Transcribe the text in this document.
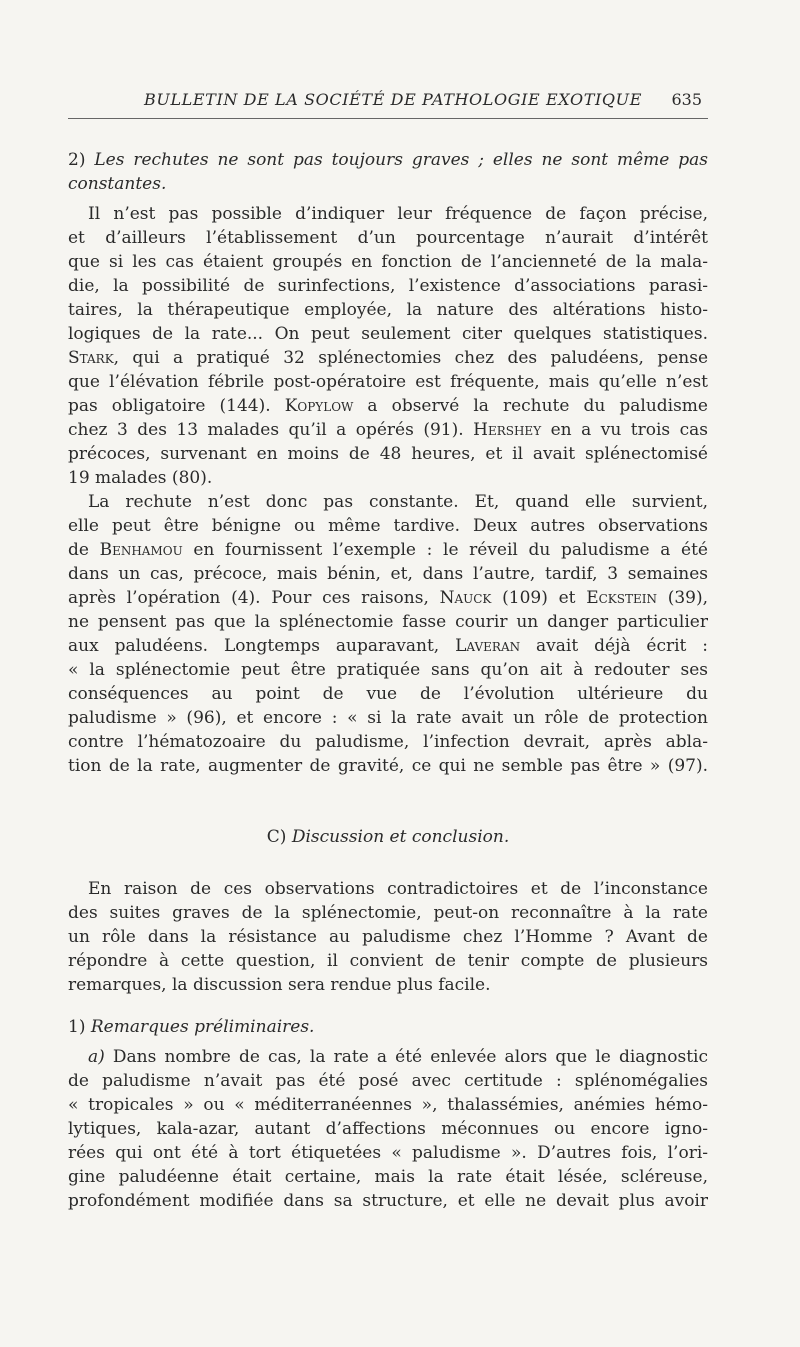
BULLETIN DE LA SOCIÉTÉ DE PATHOLOGIE EXOTIQUE 635
2) Les rechutes ne sont pas toujours graves ; elles ne sont même pas
constantes.
Il n’est pas possible d’indiquer leur fréquence de façon précise,
et d’ailleurs l’établissement d’un pourcentage n’aurait d’intérêt
que si les cas étaient groupés en fonction de l’ancienneté de la mala-
die, la possibilité de surinfections, l’existence d’associations parasi-
taires, la thérapeutique employée, la nature des altérations histo-
logiques de la rate... On peut seulement citer quelques statistiques.
Stark, qui a pratiqué 32 splénectomies chez des paludéens, pense
que l’élévation fébrile post-opératoire est fréquente, mais qu’elle n’est
pas obligatoire (144). Kopylow a observé la rechute du paludisme
chez 3 des 13 malades qu’il a opérés (91). Hershey en a vu trois cas
précoces, survenant en moins de 48 heures, et il avait splénectomisé
19 malades (80).
La rechute n’est donc pas constante. Et, quand elle survient,
elle peut être bénigne ou même tardive. Deux autres observations
de Benhamou en fournissent l’exemple : le réveil du paludisme a été
dans un cas, précoce, mais bénin, et, dans l’autre, tardif, 3 semaines
après l’opération (4). Pour ces raisons, Nauck (109) et Eckstein (39),
ne pensent pas que la splénectomie fasse courir un danger particulier
aux paludéens. Longtemps auparavant, Laveran avait déjà écrit :
« la splénectomie peut être pratiquée sans qu’on ait à redouter ses
conséquences au point de vue de l’évolution ultérieure du
paludisme » (96), et encore : « si la rate avait un rôle de protection
contre l’hématozoaire du paludisme, l’infection devrait, après abla-
tion de la rate, augmenter de gravité, ce qui ne semble pas être » (97).
C) Discussion et conclusion.
En raison de ces observations contradictoires et de l’inconstance
des suites graves de la splénectomie, peut-on reconnaître à la rate
un rôle dans la résistance au paludisme chez l’Homme ? Avant de
répondre à cette question, il convient de tenir compte de plusieurs
remarques, la discussion sera rendue plus facile.
1) Remarques préliminaires.
a) Dans nombre de cas, la rate a été enlevée alors que le diagnostic
de paludisme n’avait pas été posé avec certitude : splénomégalies
« tropicales » ou « méditerranéennes », thalassémies, anémies hémo-
lytiques, kala-azar, autant d’affections méconnues ou encore igno-
rées qui ont été à tort étiquetées « paludisme ». D’autres fois, l’ori-
gine paludéenne était certaine, mais la rate était lésée, scléreuse,
profondément modifiée dans sa structure, et elle ne devait plus avoir
